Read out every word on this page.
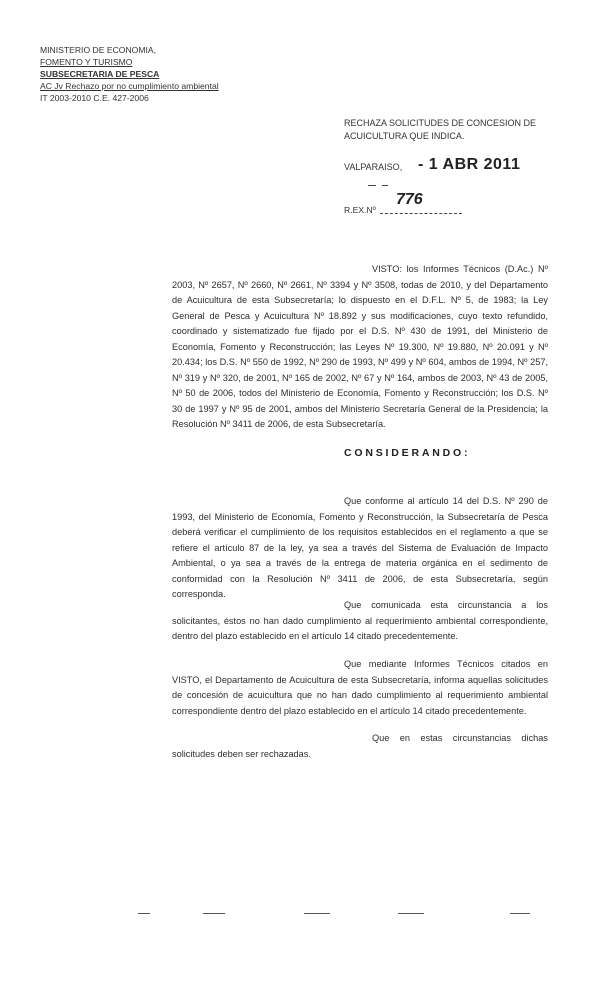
MINISTERIO DE ECONOMIA,
FOMENTO Y TURISMO
SUBSECRETARIA DE PESCA
AC Jv Rechazo por no cumplimiento ambiental
IT 2003-2010 C.E. 427-2006
RECHAZA SOLICITUDES DE CONCESION DE ACUICULTURA QUE INDICA.
VALPARAISO, - 1 ABR 2011
776
R.EX.Nº
VISTO: los Informes Técnicos (D.Ac.) Nº 2003, Nº 2657, Nº 2660, Nº 2661, Nº 3394 y Nº 3508, todas de 2010, y del Departamento de Acuicultura de esta Subsecretaría; lo dispuesto en el D.F.L. Nº 5, de 1983; la Ley General de Pesca y Acuicultura Nº 18.892 y sus modificaciones, cuyo texto refundido, coordinado y sistematizado fue fijado por el D.S. Nº 430 de 1991, del Ministerio de Economía, Fomento y Reconstrucción; las Leyes Nº 19.300, Nº 19.880, Nº 20.091 y Nº 20.434; los D.S. Nº 550 de 1992, Nº 290 de 1993, Nº 499 y Nº 604, ambos de 1994, Nº 257, Nº 319 y Nº 320, de 2001, Nº 165 de 2002, Nº 67 y Nº 164, ambos de 2003, Nº 43 de 2005, Nº 50 de 2006, todos del Ministerio de Economía, Fomento y Reconstrucción; los D.S. Nº 30 de 1997 y Nº 95 de 2001, ambos del Ministerio Secretaría General de la Presidencia; la Resolución Nº 3411 de 2006, de esta Subsecretaría.
CONSIDERANDO:
Que conforme al artículo 14 del D.S. Nº 290 de 1993, del Ministerio de Economía, Fomento y Reconstrucción, la Subsecretaría de Pesca deberá verificar el cumplimiento de los requisitos establecidos en el reglamento a que se refiere el artículo 87 de la ley, ya sea a través del Sistema de Evaluación de Impacto Ambiental, o ya sea a través de la entrega de materia orgánica en el sedimento de conformidad con la Resolución Nº 3411 de 2006, de esta Subsecretaría, según corresponda.
Que comunicada esta circunstancia a los solicitantes, éstos no han dado cumplimiento al requerimiento ambiental correspondiente, dentro del plazo establecido en el artículo 14 citado precedentemente.
Que mediante Informes Técnicos citados en VISTO, el Departamento de Acuicultura de esta Subsecretaría, informa aquellas solicitudes de concesión de acuicultura que no han dado cumplimiento al requerimiento ambiental correspondiente dentro del plazo establecido en el artículo 14 citado precedentemente.
Que en estas circunstancias dichas solicitudes deben ser rechazadas.
